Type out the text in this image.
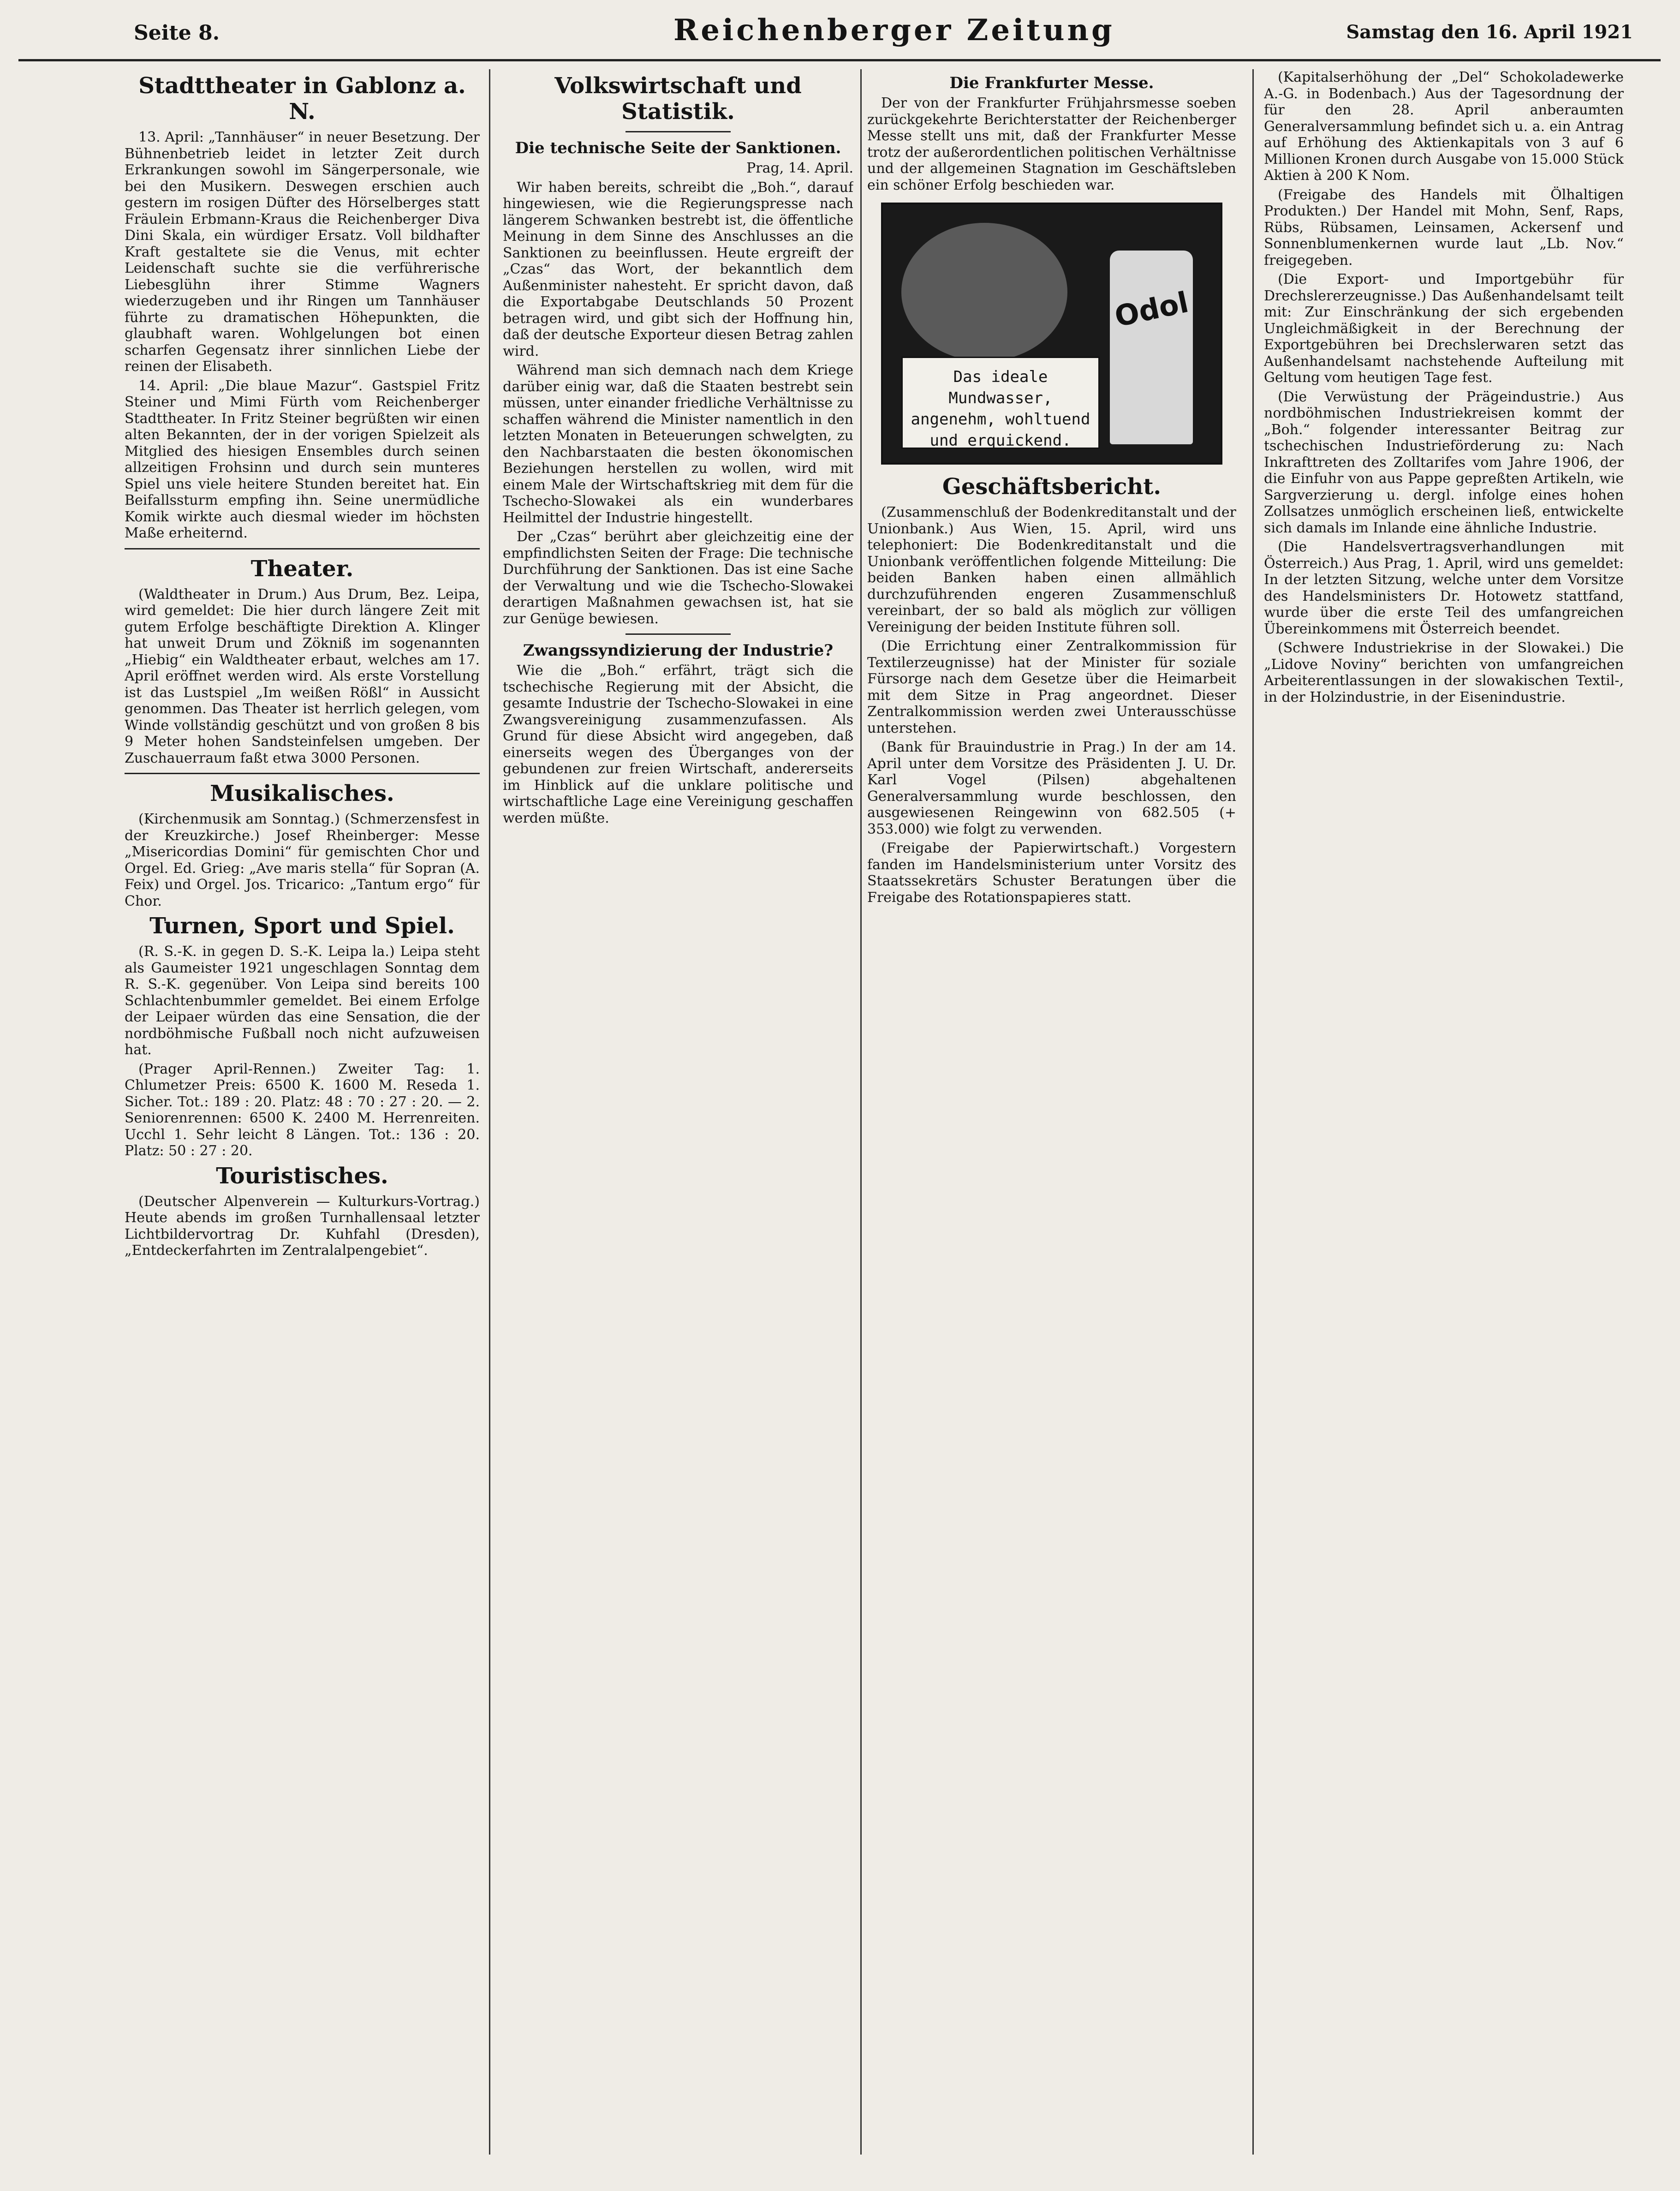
Seite 8.	Reichenberger Zeitung	Samstag den 16. April 1921
Stadttheater in Gablonz a. N.

13. April: „Tannhäuser“ in neuer Besetzung. Der Bühnenbetrieb leidet in letzter Zeit durch Erkrankungen sowohl im Sängerpersonale, wie bei den Musikern. Deswegen erschien auch gestern im rosigen Düfter des Hörselberges statt Fräulein Erbmann-Kraus die Reichenberger Diva Dini Skala, ein würdiger Ersatz. Voll bildhafter Kraft gestaltete sie die Venus, mit echter Leidenschaft suchte sie die verführerische Liebesglühn ihrer Stimme Wagners wiederzugeben und ihr Ringen um Tannhäuser führte zu dramatischen Höhepunkten, die glaubhaft waren. Wohlgelungen bot einen scharfen Gegensatz ihrer sinnlichen Liebe der reinen der Elisabeth.

14. April: „Die blaue Mazur“. Gastspiel Fritz Steiner und Mimi Fürth vom Reichenberger Stadttheater. In Fritz Steiner begrüßten wir einen alten Bekannten, der in der vorigen Spielzeit als Mitglied des hiesigen Ensembles durch seinen allzeitigen Frohsinn und durch sein munteres Spiel uns viele heitere Stunden bereitet hat. Ein Beifallssturm empfing ihn. Seine unermüdliche Komik wirkte auch diesmal wieder im höchsten Maße erheiternd.

Theater.

(Waldtheater in Drum.) Aus Drum, Bez. Leipa, wird gemeldet: Die hier durch längere Zeit mit gutem Erfolge beschäftigte Direktion A. Klinger hat unweit Drum und Zökniß im sogenannten „Hiebig“ ein Waldtheater erbaut, welches am 17. April eröffnet werden wird. Als erste Vorstellung ist das Lustspiel „Im weißen Rößl“ in Aussicht genommen. Das Theater ist herrlich gelegen, vom Winde vollständig geschützt und von großen 8 bis 9 Meter hohen Sandsteinfelsen umgeben. Der Zuschauerraum faßt etwa 3000 Personen.

Musikalisches.

(Kirchenmusik am Sonntag.) (Schmerzensfest in der Kreuzkirche.) Josef Rheinberger: Messe „Misericordias Domini“ für gemischten Chor und Orgel. Ed. Grieg: „Ave maris stella“ für Sopran (A. Feix) und Orgel. Jos. Tricarico: „Tantum ergo“ für Chor.

Turnen, Sport und Spiel.

(R. S.-K. in gegen D. S.-K. Leipa la.) Leipa steht als Gaumeister 1921 ungeschlagen Sonntag dem R. S.-K. gegenüber. Von Leipa sind bereits 100 Schlachtenbummler gemeldet. Bei einem Erfolge der Leipaer würden das eine Sensation, die der nordböhmische Fußball noch nicht aufzuweisen hat.

(Prager April-Rennen.) Zweiter Tag: 1. Chlumetzer Preis: 6500 K. 1600 M. Reseda 1. Sicher. Tot.: 189 : 20. Platz: 48 : 70 : 27 : 20. — 2. Seniorenrennen: 6500 K. 2400 M. Herrenreiten. Ucchl 1. Sehr leicht 8 Längen. Tot.: 136 : 20. Platz: 50 : 27 : 20.

Touristisches.

(Deutscher Alpenverein — Kulturkurs-Vortrag.) Heute abends im großen Turnhallensaal letzter Lichtbildervortrag Dr. Kuhfahl (Dresden), „Entdeckerfahrten im Zentralalpengebiet“.

Volkswirtschaft und Statistik.
Die technische Seite der Sanktionen.

Prag, 14. April.

Wir haben bereits, schreibt die „Boh.“, darauf hingewiesen, wie die Regierungspresse nach längerem Schwanken bestrebt ist, die öffentliche Meinung in dem Sinne des Anschlusses an die Sanktionen zu beeinflussen. Heute ergreift der „Czas“ das Wort, der bekanntlich dem Außenminister nahesteht. Er spricht davon, daß die Exportabgabe Deutschlands 50 Prozent betragen wird, und gibt sich der Hoffnung hin, daß der deutsche Exporteur diesen Betrag zahlen wird.

Während man sich demnach nach dem Kriege darüber einig war, daß die Staaten bestrebt sein müssen, unter einander friedliche Verhältnisse zu schaffen während die Minister namentlich in den letzten Monaten in Beteuerungen schwelgten, zu den Nachbarstaaten die besten ökonomischen Beziehungen herstellen zu wollen, wird mit einem Male der Wirtschaftskrieg mit dem für die Tschecho-Slowakei als ein wunderbares Heilmittel der Industrie hingestellt.

Der „Czas“ berührt aber gleichzeitig eine der empfindlichsten Seiten der Frage: Die technische Durchführung der Sanktionen. Das ist eine Sache der Verwaltung und wie die Tschecho-Slowakei derartigen Maßnahmen gewachsen ist, hat sie zur Genüge bewiesen.

Zwangssyndizierung der Industrie?

Wie die „Boh.“ erfährt, trägt sich die tschechische Regierung mit der Absicht, die gesamte Industrie der Tschecho-Slowakei in eine Zwangsvereinigung zusammenzufassen. Als Grund für diese Absicht wird angegeben, daß einerseits wegen des Überganges von der gebundenen zur freien Wirtschaft, andererseits im Hinblick auf die unklare politische und wirtschaftliche Lage eine Vereinigung geschaffen werden müßte.

Die Frankfurter Messe.

Der von der Frankfurter Frühjahrsmesse soeben zurückgekehrte Berichterstatter der Reichenberger Messe stellt uns mit, daß der Frankfurter Messe trotz der außerordentlichen politischen Verhältnisse und der allgemeinen Stagnation im Geschäftsleben ein schöner Erfolg beschieden war.

Odol
Das ideale Mundwasser, angenehm, wohltuend und erquickend.
Geschäftsbericht.

(Zusammenschluß der Bodenkreditanstalt und der Unionbank.) Aus Wien, 15. April, wird uns telephoniert: Die Bodenkreditanstalt und die Unionbank veröffentlichen folgende Mitteilung: Die beiden Banken haben einen allmählich durchzuführenden engeren Zusammenschluß vereinbart, der so bald als möglich zur völligen Vereinigung der beiden Institute führen soll.

(Die Errichtung einer Zentralkommission für Textilerzeugnisse) hat der Minister für soziale Fürsorge nach dem Gesetze über die Heimarbeit mit dem Sitze in Prag angeordnet. Dieser Zentralkommission werden zwei Unterausschüsse unterstehen.

(Bank für Brauindustrie in Prag.) In der am 14. April unter dem Vorsitze des Präsidenten J. U. Dr. Karl Vogel (Pilsen) abgehaltenen Generalversammlung wurde beschlossen, den ausgewiesenen Reingewinn von 682.505 (+ 353.000) wie folgt zu verwenden.

(Freigabe der Papierwirtschaft.) Vorgestern fanden im Handelsministerium unter Vorsitz des Staatssekretärs Schuster Beratungen über die Freigabe des Rotationspapieres statt.

(Kapitalserhöhung der „Del“ Schokoladewerke A.-G. in Bodenbach.) Aus der Tagesordnung der für den 28. April anberaumten Generalversammlung befindet sich u. a. ein Antrag auf Erhöhung des Aktienkapitals von 3 auf 6 Millionen Kronen durch Ausgabe von 15.000 Stück Aktien à 200 K Nom.

(Freigabe des Handels mit Ölhaltigen Produkten.) Der Handel mit Mohn, Senf, Raps, Rübs, Rübsamen, Leinsamen, Ackersenf und Sonnenblumenkernen wurde laut „Lb. Nov.“ freigegeben.

(Die Export- und Importgebühr für Drechslererzeugnisse.) Das Außenhandelsamt teilt mit: Zur Einschränkung der sich ergebenden Ungleichmäßigkeit in der Berechnung der Exportgebühren bei Drechslerwaren setzt das Außenhandelsamt nachstehende Aufteilung mit Geltung vom heutigen Tage fest.

(Die Verwüstung der Prägeindustrie.) Aus nordböhmischen Industriekreisen kommt der „Boh.“ folgender interessanter Beitrag zur tschechischen Industrieförderung zu: Nach Inkrafttreten des Zolltarifes vom Jahre 1906, der die Einfuhr von aus Pappe gepreßten Artikeln, wie Sargverzierung u. dergl. infolge eines hohen Zollsatzes unmöglich erscheinen ließ, entwickelte sich damals im Inlande eine ähnliche Industrie.

(Die Handelsvertragsverhandlungen mit Österreich.) Aus Prag, 1. April, wird uns gemeldet: In der letzten Sitzung, welche unter dem Vorsitze des Handelsministers Dr. Hotowetz stattfand, wurde über die erste Teil des umfangreichen Übereinkommens mit Österreich beendet.

(Schwere Industriekrise in der Slowakei.) Die „Lidove Noviny“ berichten von umfangreichen Arbeiterentlassungen in der slowakischen Textil-, in der Holzindustrie, in der Eisenindustrie.
